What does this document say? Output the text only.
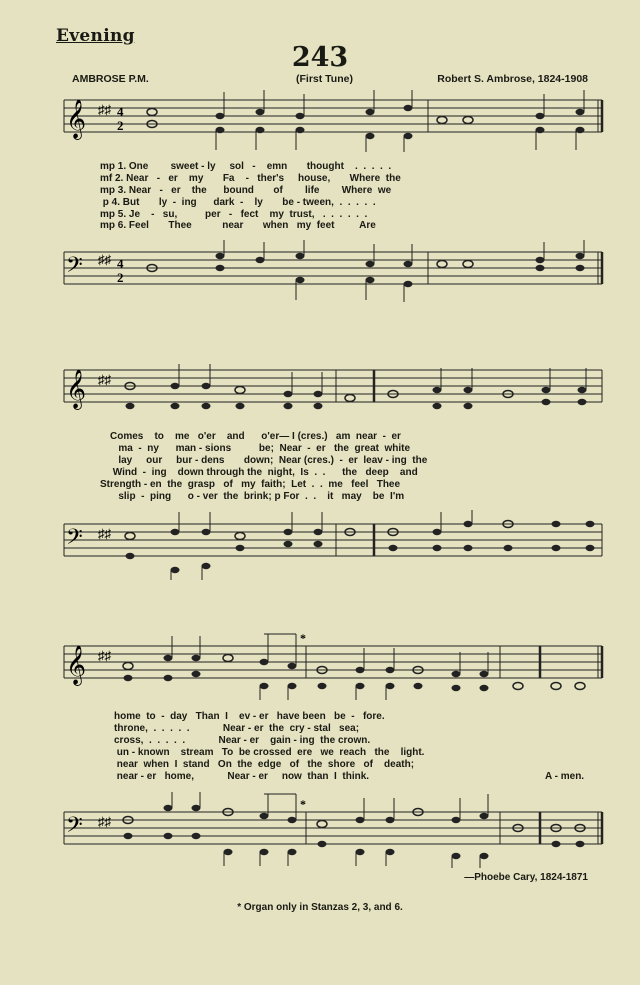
Evening
243
AMBROSE P.M.	(First Tune)	Robert S. Ambrose, 1824-1908
𝄞 ♯♯ 4
2
mp 1. One        sweet - ly     sol   -    emn       thought    .  .  .  .  .
mf 2. Near   -   er    my       Fa    -   ther's     house,       Where  the
mp 3. Near   -   er    the      bound       of        life        Where  we
p 4. But       ly  -  ing      dark  -    ly       be - tween,  .  .  .  .  .
mp 5. Je    -   su,          per   -   fect    my  trust,   .  .  .  .  .  .
mp 6. Feel       Thee           near       when   my  feet         Are
𝄢 ♯♯ 4
2
𝄞 ♯♯
Comes    to    me   o'er    and      o'er— I (cres.)   am  near  -  er
ma  -  ny      man - sions          be;  Near  -  er   the  great  white
lay     our     bur - dens       down;  Near (cres.)  -  er  leav - ing  the
Wind  -  ing    down through the  night,  Is  .  .      the   deep    and
Strength - en  the  grasp   of   my  faith;  Let  .  .  me   feel   Thee
slip  -  ping      o - ver  the  brink; p For  .  .    it   may    be  I'm
𝄢 ♯♯
𝄞 ♯♯
*
home  to  -  day   Than  I    ev - er   have been   be  -   fore.
throne,  .  .  .  .  .            Near - er  the  cry - stal   sea;
cross,  .  .  .  .  .            Near - er    gain - ing  the crown.
un - known    stream   To  be crossed  ere   we  reach   the    light.
near  when  I  stand   On  the  edge   of   the  shore   of    death;
near - er   home,            Near - er     now  than  I  think.	A - men.
𝄢 ♯♯
*
—Phoebe Cary, 1824-1871
* Organ only in Stanzas 2, 3, and 6.
